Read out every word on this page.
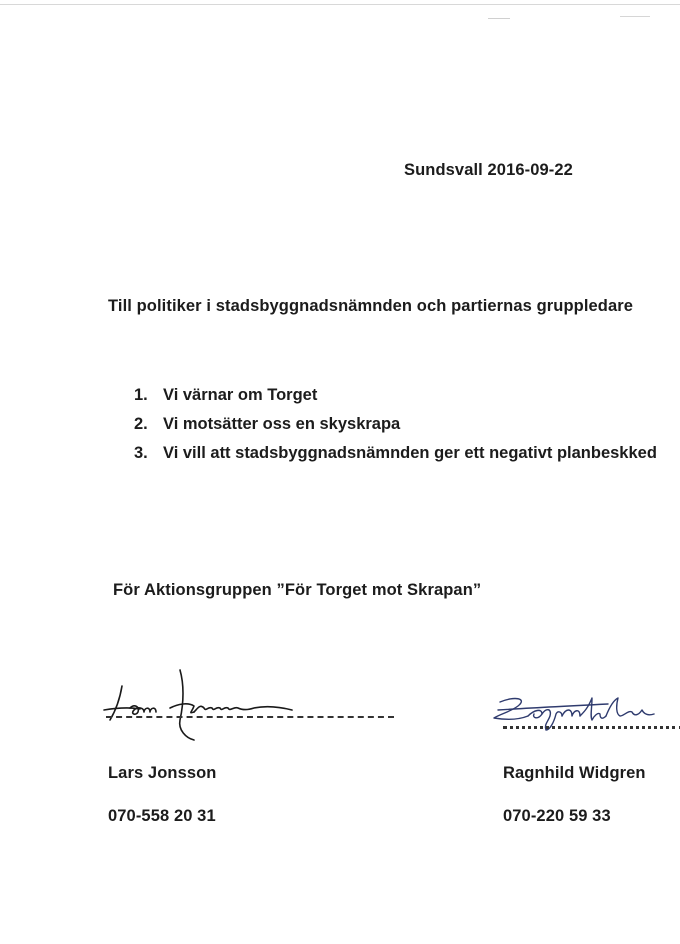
Sundsvall 2016-09-22
Till politiker i stadsbyggnadsnämnden och partiernas gruppledare
1. Vi värnar om Torget
2. Vi motsätter oss en skyskrapa
3. Vi vill att stadsbyggnadsnämnden ger ett negativt planbeskked
För Aktionsgruppen ”För Torget mot Skrapan”
Lars Jonsson
070-558 20 31
Ragnhild Widgren
070-220 59 33
